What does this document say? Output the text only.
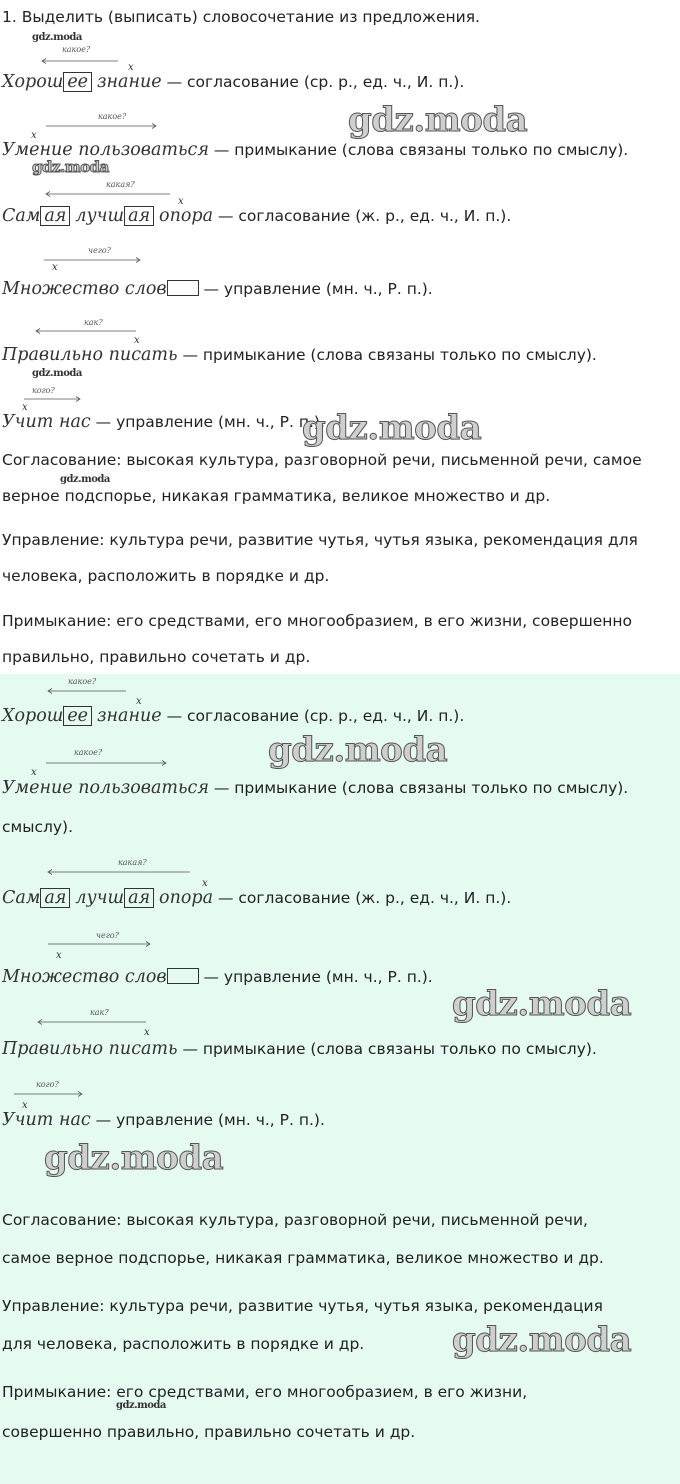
1. Выделить (выписать) словосочетание из предложения.
gdz.moda
какое?
x
Хорош ее знание — согласование (ср. р., ед. ч., И. п.).
какое?
x	gdz.moda
Умение пользоваться — примыкание (слова связаны только по смыслу).
gdz.moda
какая?
x
Сам ая лучш ая опора — согласование (ж. р., ед. ч., И. п.).
чего?
x
Множество слов — управление (мн. ч., Р. п.).
как?
x
Правильно писать — примыкание (слова связаны только по смыслу).
gdz.moda
кого?
x
Учит нас — управление (мн. ч., Р. п.).
gdz.moda
Согласование: высокая культура, разговорной речи, письменной речи, самое
gdz.moda
верное подспорье, никакая грамматика, великое множество и др.
Управление: культура речи, развитие чутья, чутья языка, рекомендация для
человека, расположить в порядке и др.
Примыкание: его средствами, его многообразием, в его жизни, совершенно
правильно, правильно сочетать и др.
какое?
x
Хорош ее знание — согласование (ср. р., ед. ч., И. п.).
gdz.moda
какое?
x
Умение пользоваться — примыкание (слова связаны только по смыслу).
смыслу).
какая?
x
Сам ая лучш ая опора — согласование (ж. р., ед. ч., И. п.).
чего?
x
Множество слов — управление (мн. ч., Р. п.).
gdz.moda
как?
x
Правильно писать — примыкание (слова связаны только по смыслу).
кого?
x
Учит нас — управление (мн. ч., Р. п.).
gdz.moda
Согласование: высокая культура, разговорной речи, письменной речи,
самое верное подспорье, никакая грамматика, великое множество и др.
Управление: культура речи, развитие чутья, чутья языка, рекомендация
для человека, расположить в порядке и др.	gdz.moda
Примыкание: его средствами, его многообразием, в его жизни,
gdz.moda
совершенно правильно, правильно сочетать и др.
